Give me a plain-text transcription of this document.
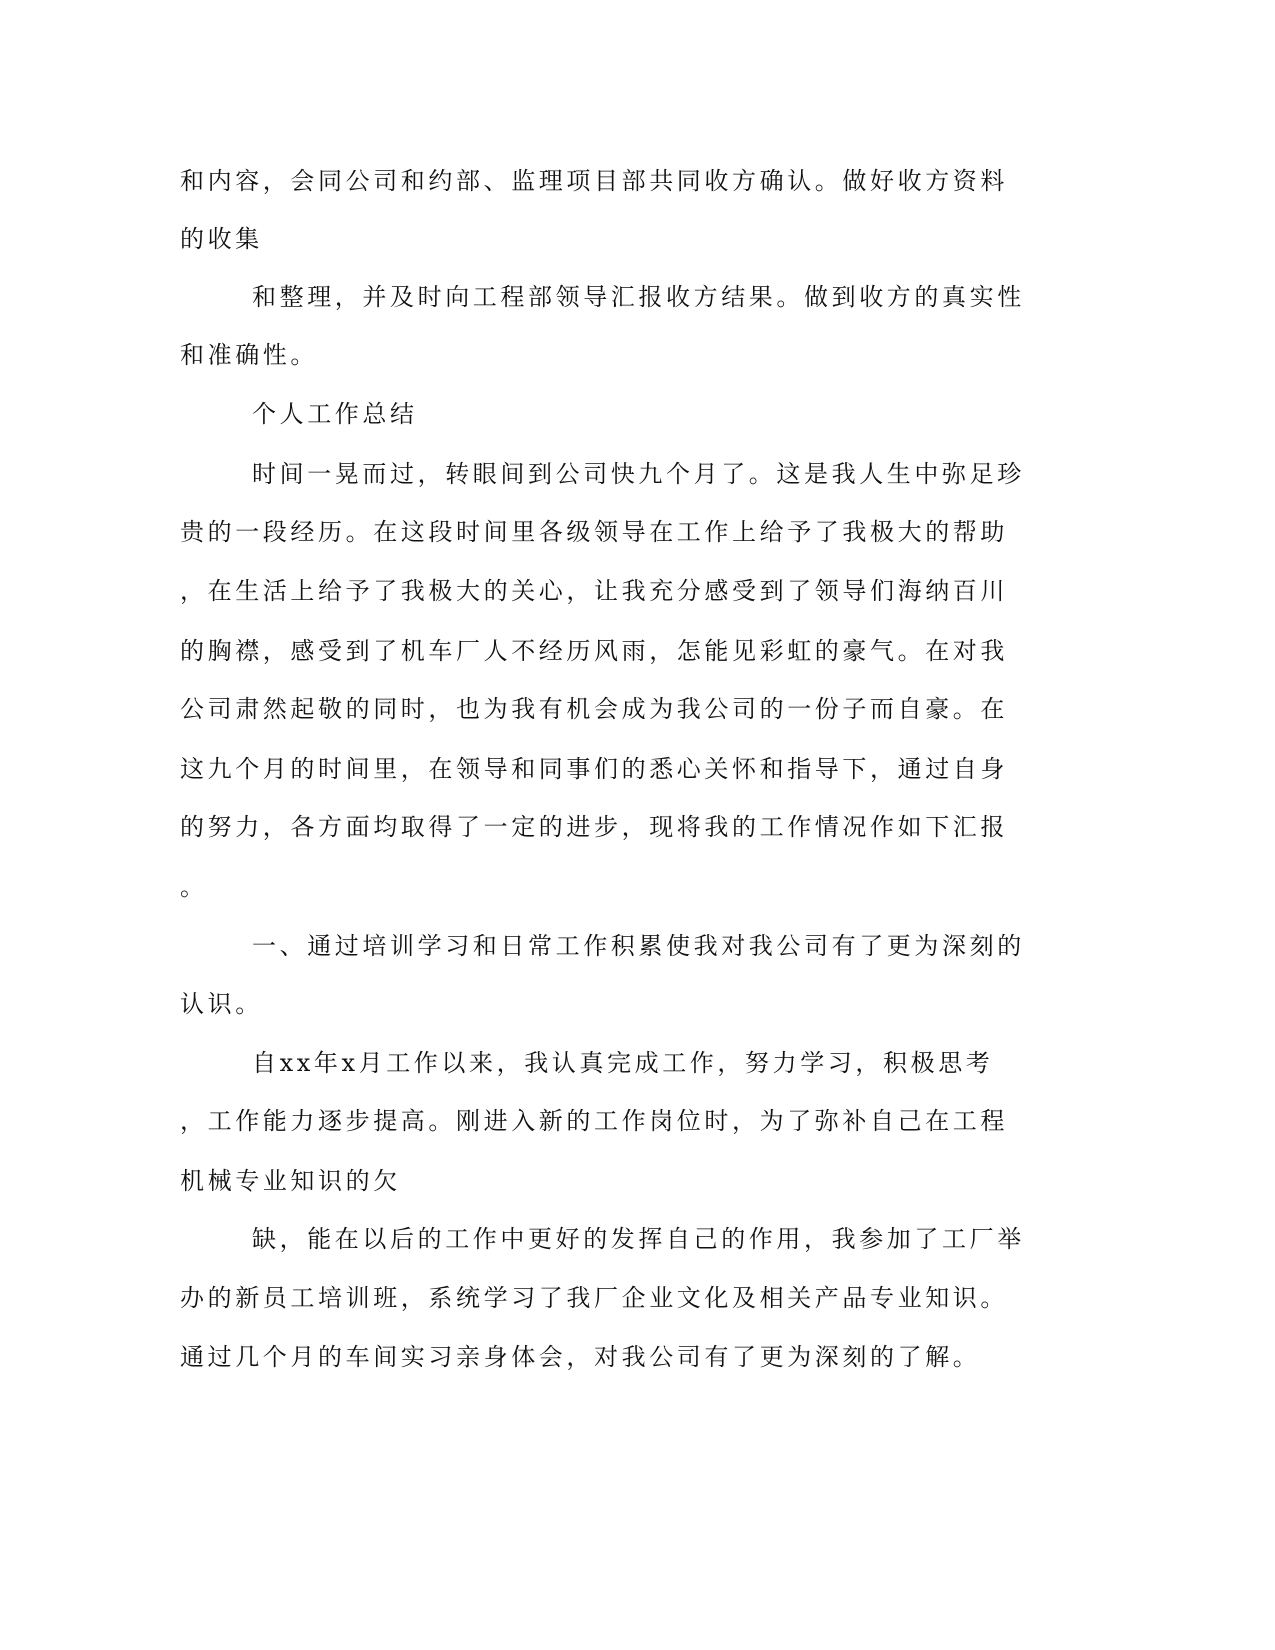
和内容，会同公司和约部、监理项目部共同收方确认。做好收方资料
的收集
和整理，并及时向工程部领导汇报收方结果。做到收方的真实性
和准确性。
个人工作总结
时间一晃而过，转眼间到公司快九个月了。这是我人生中弥足珍
贵的一段经历。在这段时间里各级领导在工作上给予了我极大的帮助
，在生活上给予了我极大的关心，让我充分感受到了领导们海纳百川
的胸襟，感受到了机车厂人不经历风雨，怎能见彩虹的豪气。在对我
公司肃然起敬的同时，也为我有机会成为我公司的一份子而自豪。在
这九个月的时间里，在领导和同事们的悉心关怀和指导下，通过自身
的努力，各方面均取得了一定的进步，现将我的工作情况作如下汇报
。
一、通过培训学习和日常工作积累使我对我公司有了更为深刻的
认识。
自xx年x月工作以来，我认真完成工作，努力学习，积极思考
，工作能力逐步提高。刚进入新的工作岗位时，为了弥补自己在工程
机械专业知识的欠
缺，能在以后的工作中更好的发挥自己的作用，我参加了工厂举
办的新员工培训班，系统学习了我厂企业文化及相关产品专业知识。
通过几个月的车间实习亲身体会，对我公司有了更为深刻的了解。
